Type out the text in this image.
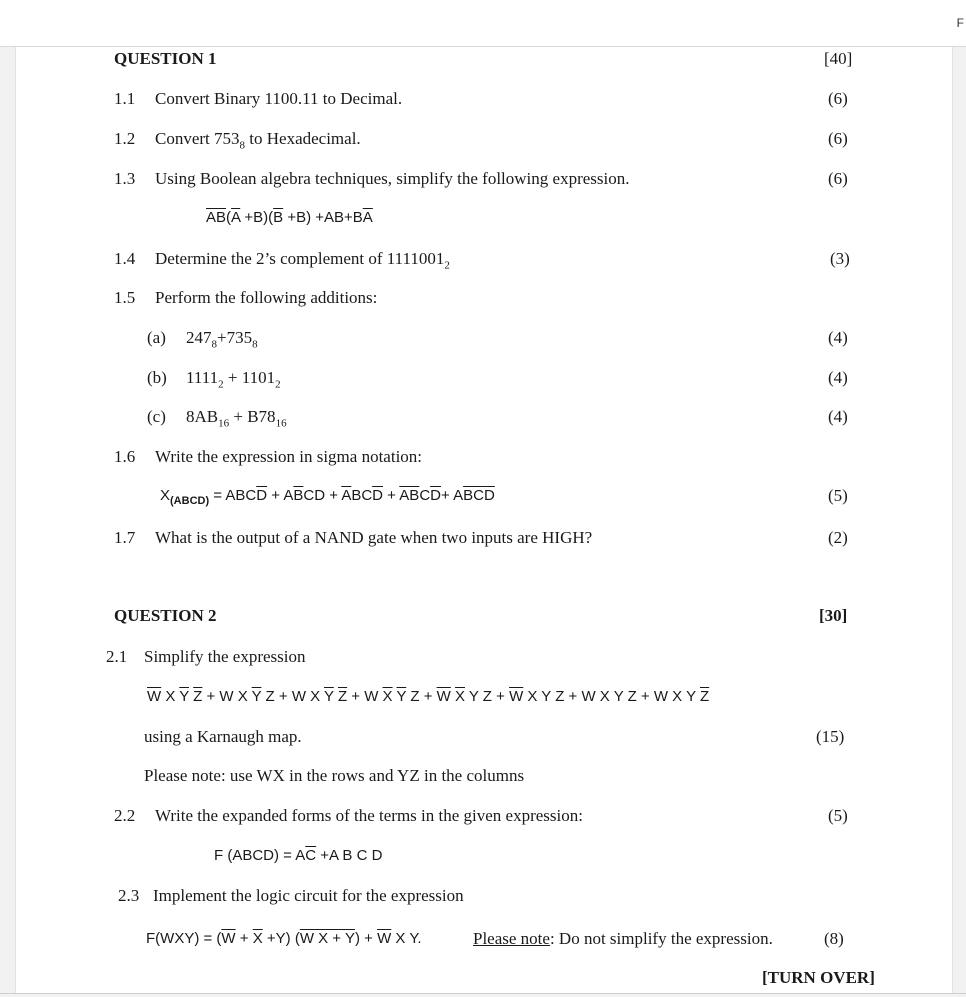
F
QUESTION 1	[40]
1.1 Convert Binary 1100.11 to Decimal.	(6)
1.2 Convert $753_8$ to Hexadecimal.	(6)
1.3 Using Boolean algebra techniques, simplify the following expression.	(6)
$\overline{AB}(\overline{A} +B)(\overline{B} +B) +AB+B\overline{A}$
1.4 Determine the 2’s complement of $1111001_2$	(3)
1.5 Perform the following additions:
(a) $247_8+735_8$	(4)
(b) $1111_2 + 1101_2$	(4)
(c) $8AB_{16} + B78_{16}$	(4)
1.6 Write the expression in sigma notation:
$X_{(ABCD)} = ABC\overline{D} + A\overline{B}CD + \overline{A}BC\overline{D} + \overline{AB}C\overline{D}+ A\overline{BC}\overline{D}$	(5)
1.7 What is the output of a NAND gate when two inputs are HIGH?	(2)
QUESTION 2	[30]
2.1 Simplify the expression
$\overline{W}$ X $\overline{Y}$ $\overline{Z} + W$ X $\overline{Y}$ Z + W X $\overline{Y}$ $\overline{Z} + W$ $\overline{X}$ $\overline{Y}$ $Z + \overline{W}$ $\overline{X}$ Y $Z + \overline{W}$ X Y Z + W X Y Z + W X Y $\overline{Z}$
using a Karnaugh map.	(15)
Please note: use WX in the rows and YZ in the columns
2.2 Write the expanded forms of the terms in the given expression:	(5)
F (ABCD) = $A\overline{C} +A$ B C D
2.3 Implement the logic circuit for the expression
$F(WXY) = (\overline{W} + \overline{X} +Y)$ (W $X + Y) + \overline{W}$ X Y.	Please note: Do not simplify the expression.	(8)
[TURN OVER]
